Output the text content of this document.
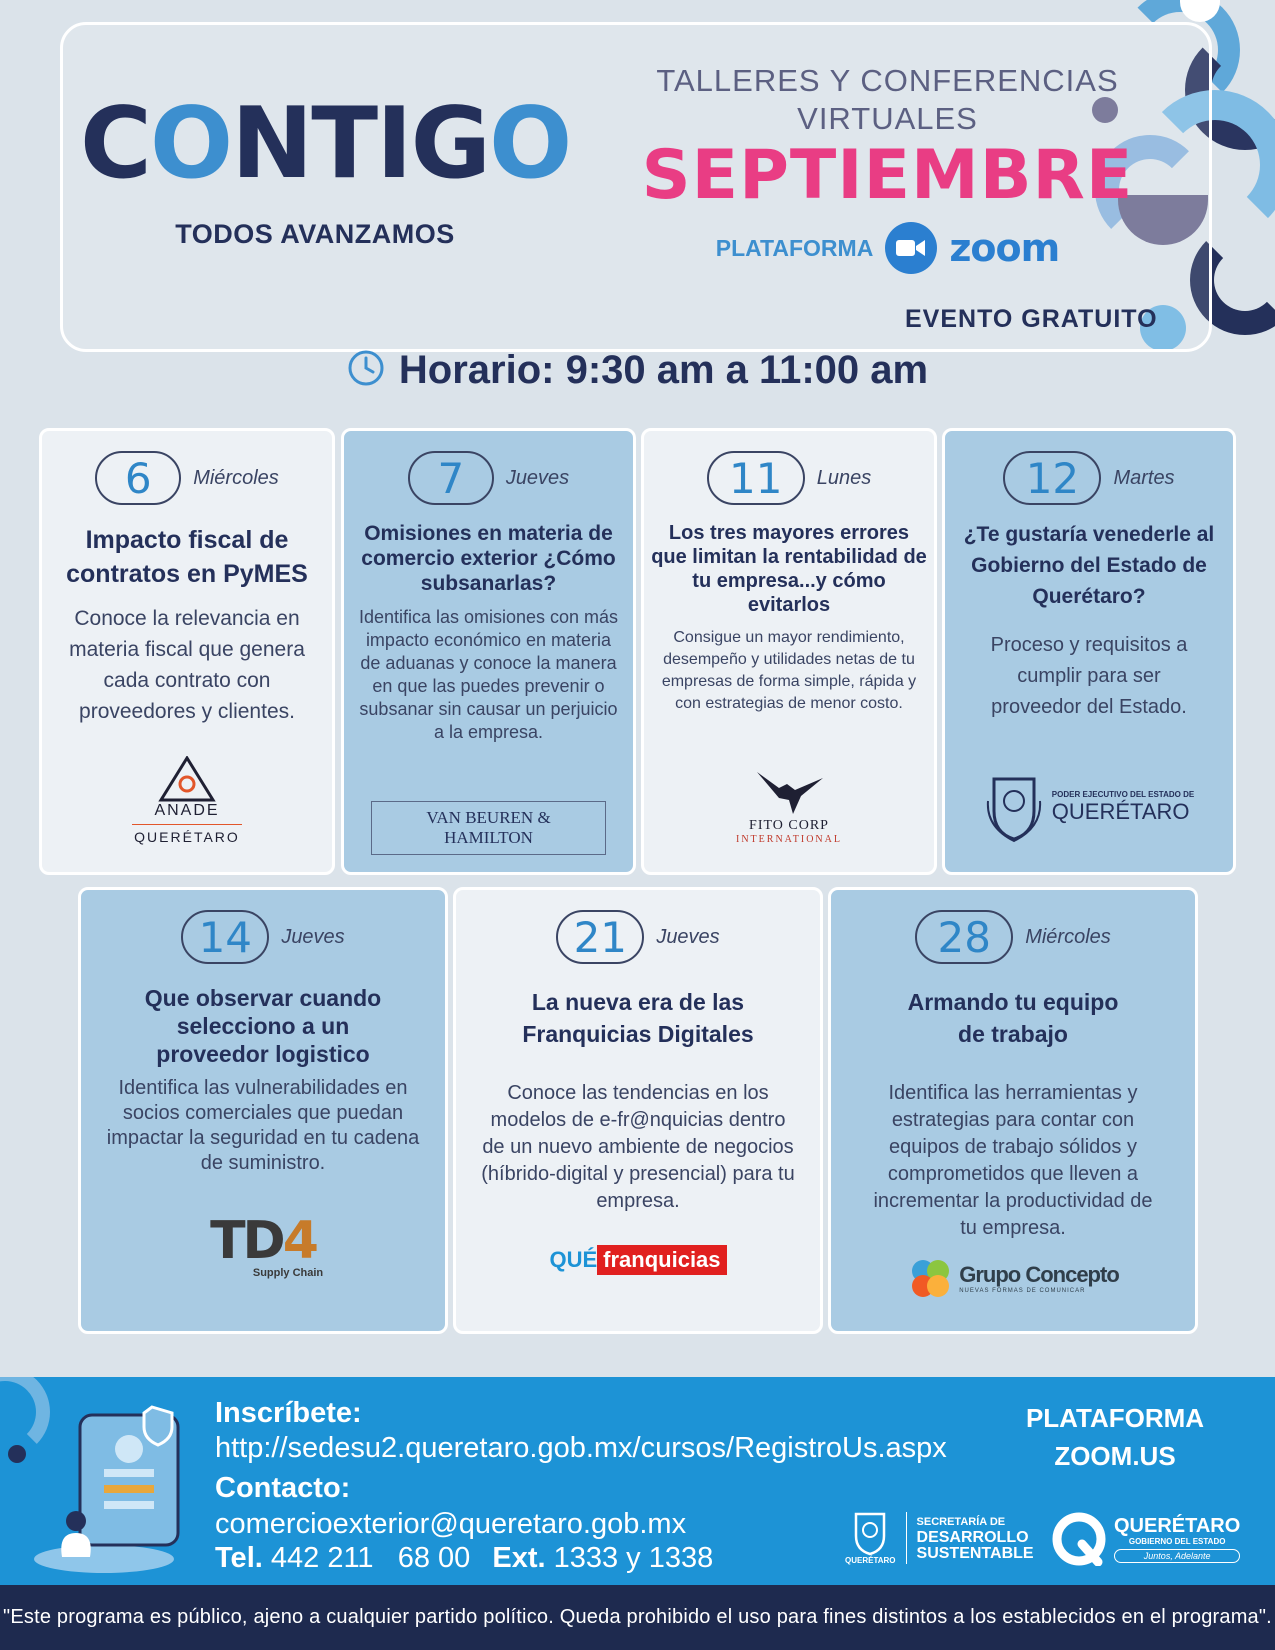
CONTIGO
TODOS AVANZAMOS
TALLERES Y CONFERENCIAS
VIRTUALES
SEPTIEMBRE
PLATAFORMA zoom
EVENTO GRATUITO
Horario: 9:30 am a 11:00 am
6	Miércoles
Impacto fiscal de contratos en PyMES
Conoce la relevancia en materia fiscal que genera cada contrato con proveedores y clientes.
ANADE
QUERÉTARO
7	Jueves
Omisiones en materia de comercio exterior ¿Cómo subsanarlas?
Identifica las omisiones con más impacto económico en materia de aduanas y conoce la manera en que las puedes prevenir o subsanar sin causar un perjuicio a la empresa.
VAN BEUREN & HAMILTON
11	Lunes
Los tres mayores errores que limitan la rentabilidad de tu empresa...y cómo evitarlos
Consigue un mayor rendimiento, desempeño y utilidades netas de tu empresas de forma simple, rápida y con estrategias de menor costo.
FITO CORP
INTERNATIONAL
12	Martes
¿Te gustaría venederle al Gobierno del Estado de Querétaro?
Proceso y requisitos a cumplir para ser proveedor del Estado.
PODER EJECUTIVO DEL ESTADO DE
QUERÉTARO
14	Jueves
Que observar cuando selecciono a un proveedor logistico
Identifica las vulnerabilidades en socios comerciales que puedan impactar la seguridad en tu cadena de suministro.
TD4
Supply Chain
21	Jueves
La nueva era de las Franquicias Digitales
Conoce las tendencias en los modelos de e-fr@nquicias dentro de un nuevo ambiente de negocios (híbrido-digital y presencial) para tu empresa.
QUÉ franquicias
28	Miércoles
Armando tu equipo de trabajo
Identifica las herramientas y estrategias para contar con equipos de trabajo sólidos y comprometidos que lleven a incrementar la productividad de tu empresa.
Grupo Concepto
NUEVAS FORMAS DE COMUNICAR
Inscríbete:
http://sedesu2.queretaro.gob.mx/cursos/RegistroUs.aspx
Contacto:
comercioexterior@queretaro.gob.mx
Tel. 442 211   68 00 Ext. 1333 y 1338
PLATAFORMA
ZOOM.US
QUERÉTARO
SECRETARÍA DE
DESARROLLO
SUSTENTABLE
QUERÉTARO
GOBIERNO DEL ESTADO
Juntos, Adelante
"Este programa es público, ajeno a cualquier partido político. Queda prohibido el uso para fines distintos a los establecidos en el programa".
